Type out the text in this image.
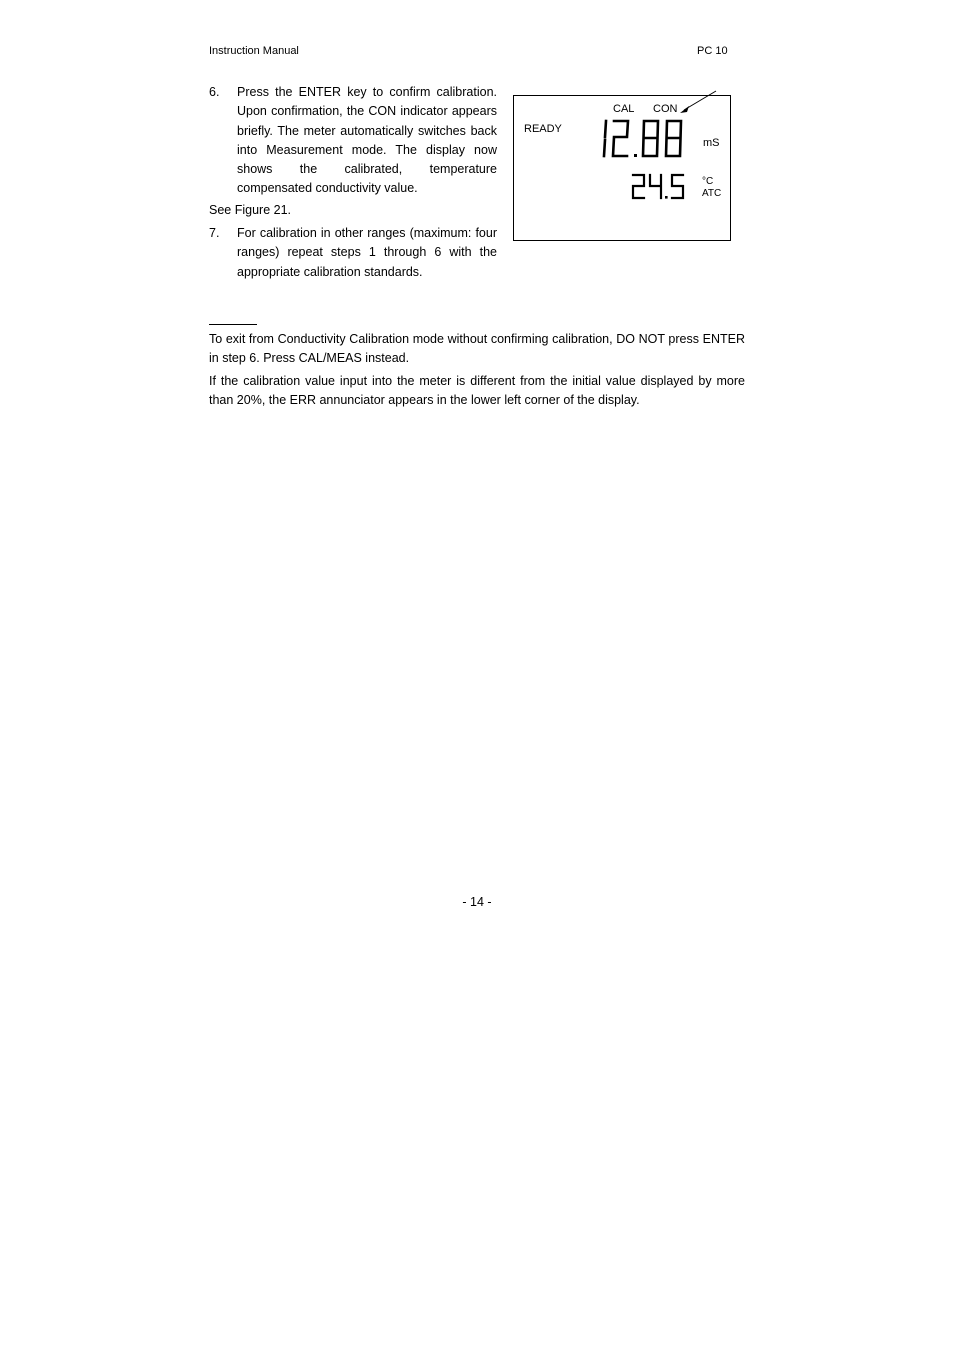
Instruction Manual	PC 10
6. Press the ENTER key to confirm calibration. Upon confirmation, the CON indicator appears briefly. The meter automatically switches back into Measurement mode. The display now shows the calibrated, temperature compensated conductivity value.
See Figure 21.
7. For calibration in other ranges (maximum: four ranges) repeat steps 1 through 6 with the appropriate calibration standards.
READY
CAL CON
mS
°C
ATC
To exit from Conductivity Calibration mode without confirming calibration, DO NOT press ENTER in step 6. Press CAL/MEAS instead.
If the calibration value input into the meter is different from the initial value displayed by more than 20%, the ERR annunciator appears in the lower left corner of the display.
- 14 -
